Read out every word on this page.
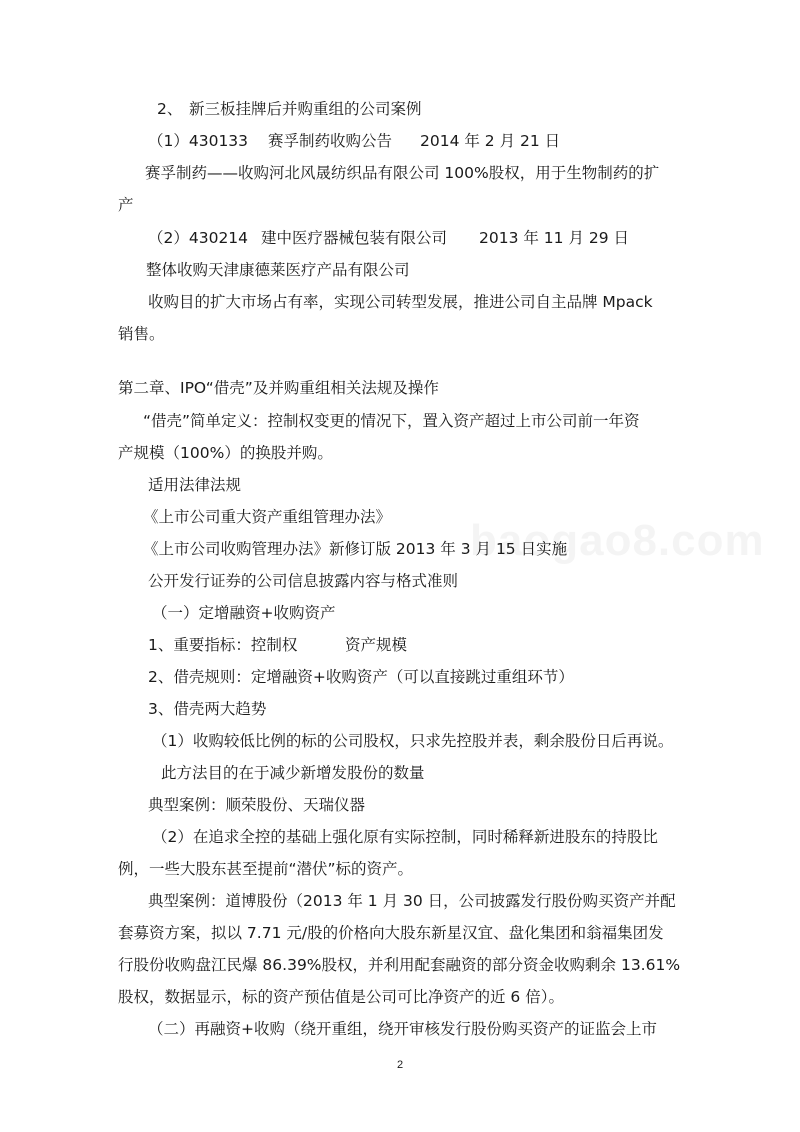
2、 新三板挂牌后并购重组的公司案例
（1）430133 赛孚制药收购公告 2014 年 2 月 21 日
赛孚制药——收购河北风晟纺织品有限公司 100%股权，用于生物制药的扩
产
（2）430214 建中医疗器械包装有限公司 2013 年 11 月 29 日
整体收购天津康德莱医疗产品有限公司
收购目的扩大市场占有率，实现公司转型发展，推进公司自主品牌 Mpack
销售。
第二章、IPO“借壳”及并购重组相关法规及操作
“借壳”简单定义：控制权变更的情况下，置入资产超过上市公司前一年资
产规模（100%）的换股并购。
适用法律法规
《上市公司重大资产重组管理办法》
《上市公司收购管理办法》新修订版 2013 年 3 月 15 日实施
公开发行证券的公司信息披露内容与格式准则
（一）定增融资+收购资产
1、重要指标：控制权	资产规模
2、借壳规则：定增融资+收购资产（可以直接跳过重组环节）
3、借壳两大趋势
（1）收购较低比例的标的公司股权，只求先控股并表，剩余股份日后再说。
此方法目的在于减少新增发股份的数量
典型案例：顺荣股份、天瑞仪器
（2）在追求全控的基础上强化原有实际控制，同时稀释新进股东的持股比
例，一些大股东甚至提前“潜伏”标的资产。
典型案例：道博股份（2013 年 1 月 30 日，公司披露发行股份购买资产并配
套募资方案，拟以 7.71 元/股的价格向大股东新星汉宜、盘化集团和翁福集团发
行股份收购盘江民爆 86.39%股权，并利用配套融资的部分资金收购剩余 13.61%
股权，数据显示，标的资产预估值是公司可比净资产的近 6 倍）。
（二）再融资+收购（绕开重组，绕开审核发行股份购买资产的证监会上市
2
